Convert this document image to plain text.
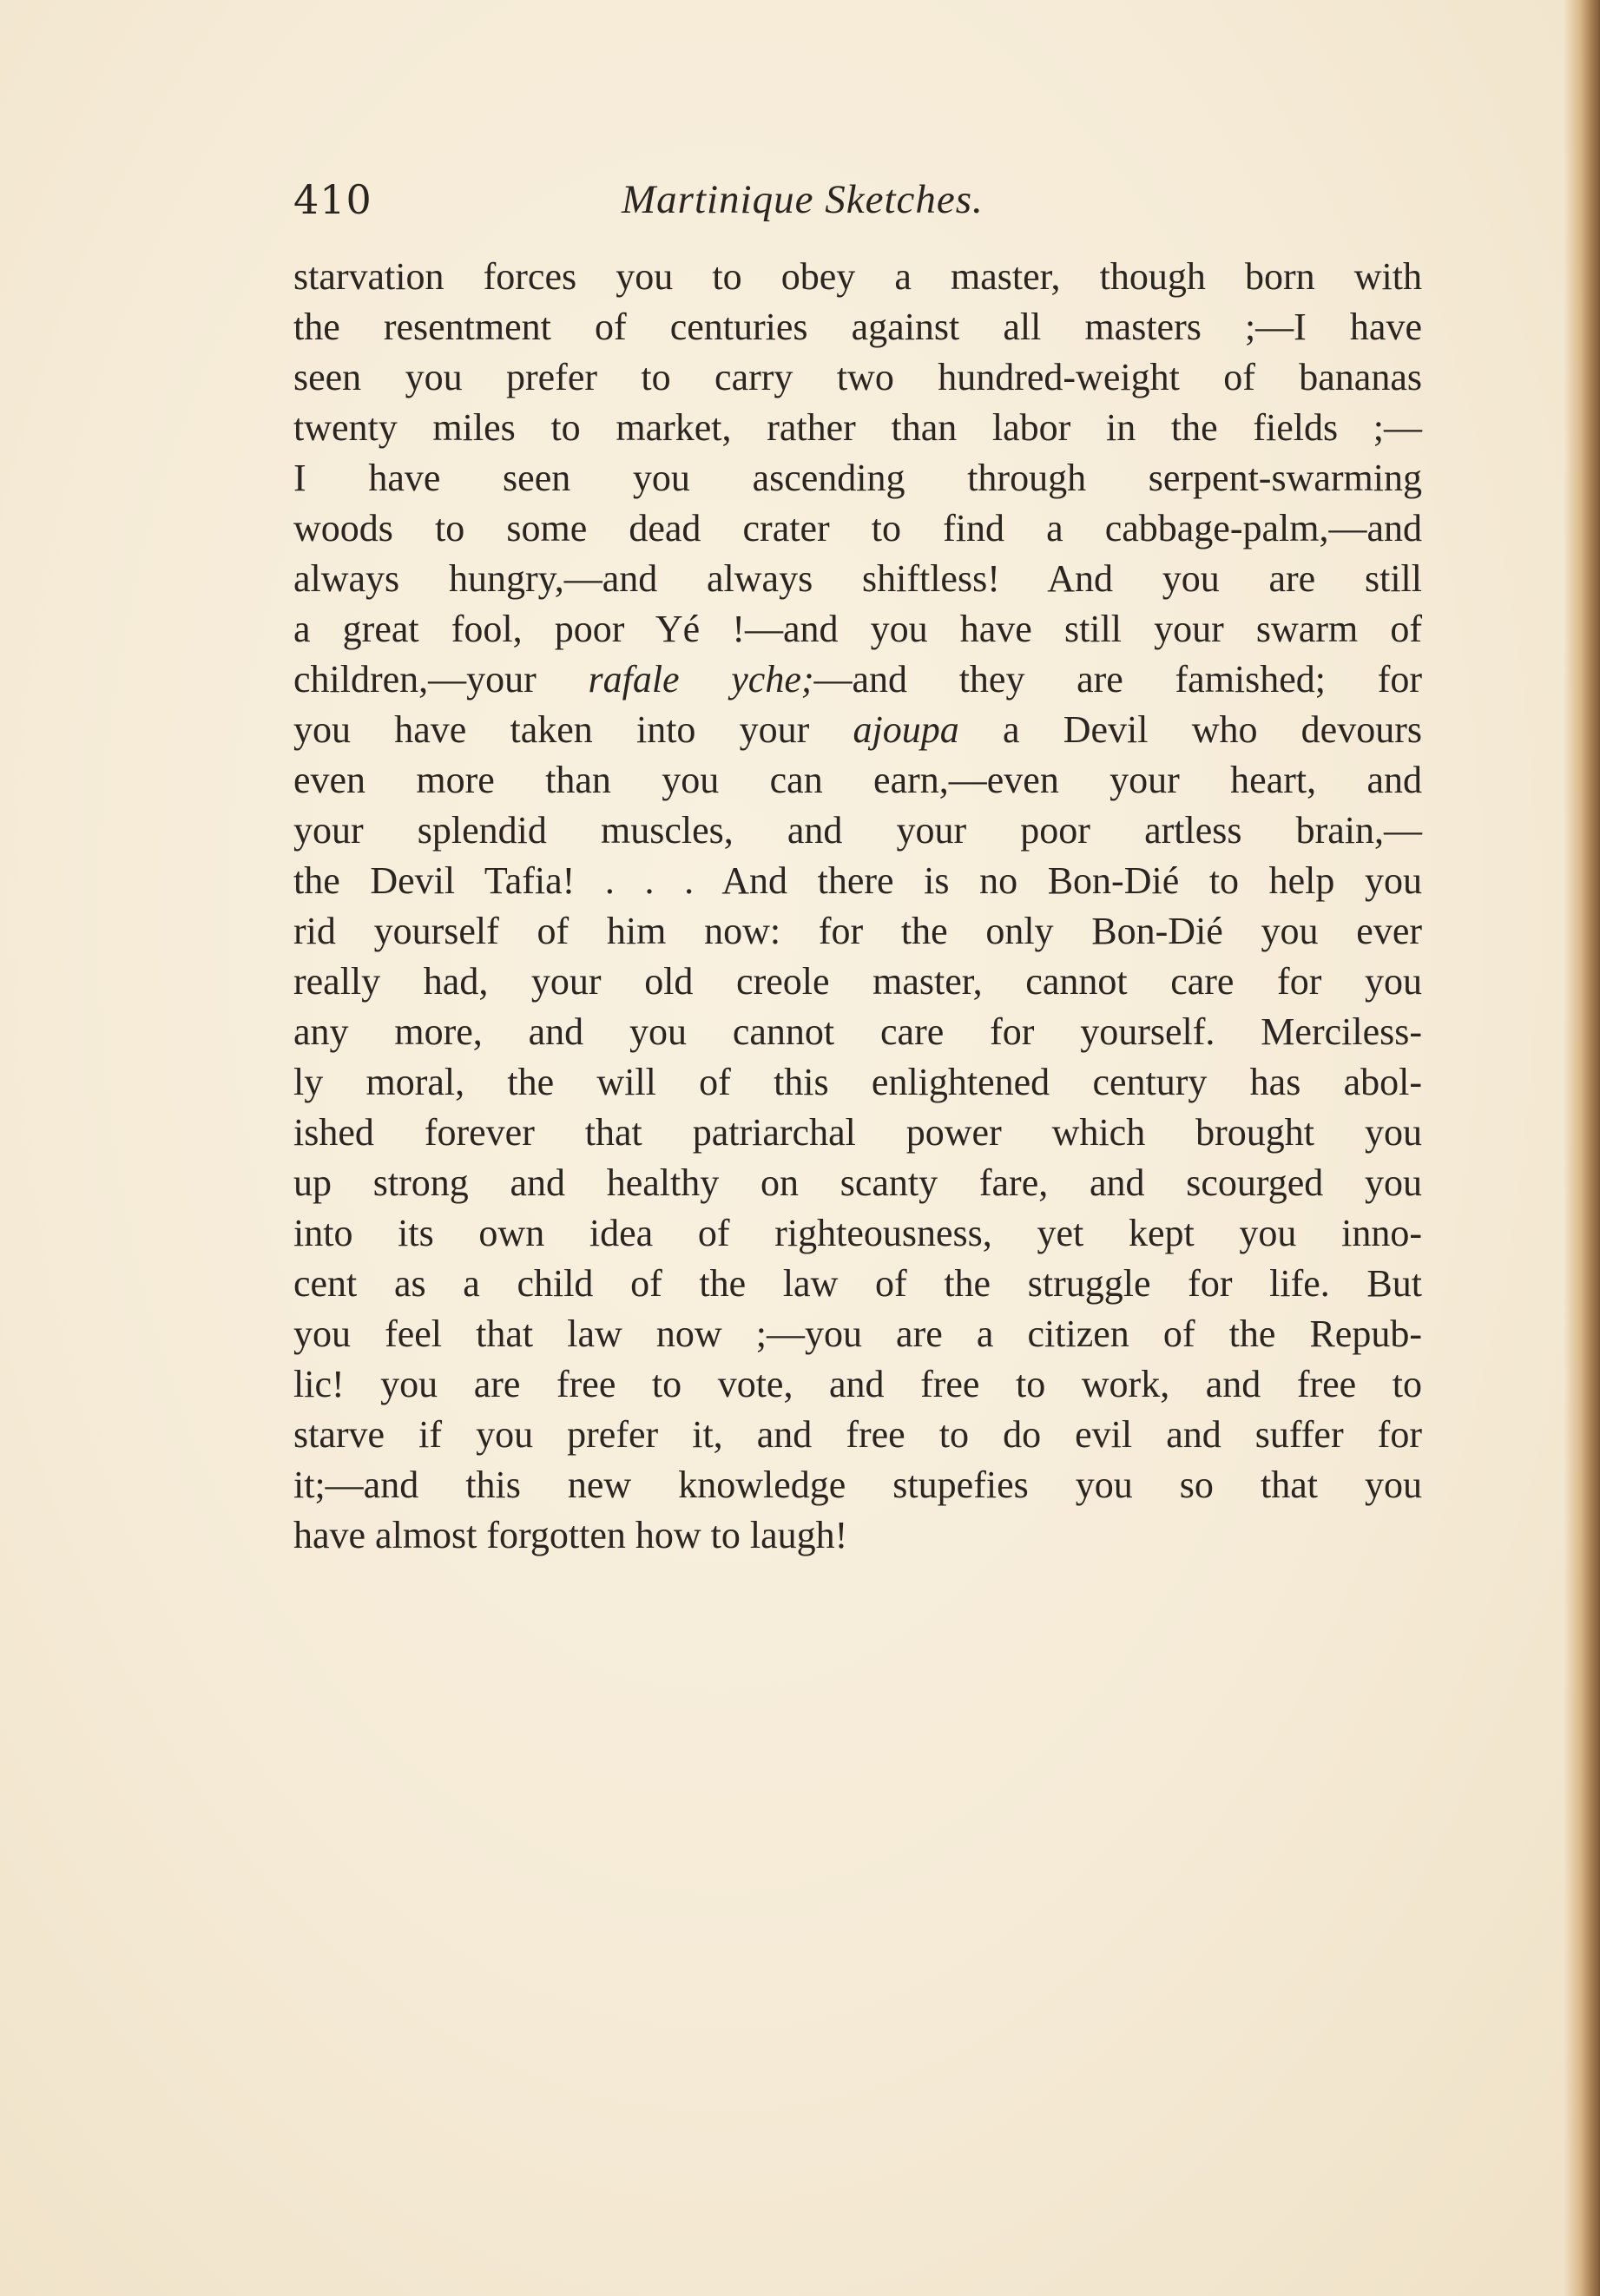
410	Martinique Sketches.
starvation forces you to obey a master, though born with
the resentment of centuries against all masters ;—I have
seen you prefer to carry two hundred-weight of bananas
twenty miles to market, rather than labor in the fields ;—
I have seen you ascending through serpent-swarming
woods to some dead crater to find a cabbage-palm,—and
always hungry,—and always shiftless! And you are still
a great fool, poor Yé !—and you have still your swarm of
children,—your rafale yche;—and they are famished; for
you have taken into your ajoupa a Devil who devours
even more than you can earn,—even your heart, and
your splendid muscles, and your poor artless brain,—
the Devil Tafia! . . . And there is no Bon-Dié to help you
rid yourself of him now: for the only Bon-Dié you ever
really had, your old creole master, cannot care for you
any more, and you cannot care for yourself. Merciless-
ly moral, the will of this enlightened century has abol-
ished forever that patriarchal power which brought you
up strong and healthy on scanty fare, and scourged you
into its own idea of righteousness, yet kept you inno-
cent as a child of the law of the struggle for life. But
you feel that law now ;—you are a citizen of the Repub-
lic! you are free to vote, and free to work, and free to
starve if you prefer it, and free to do evil and suffer for
it;—and this new knowledge stupefies you so that you
have almost forgotten how to laugh!
